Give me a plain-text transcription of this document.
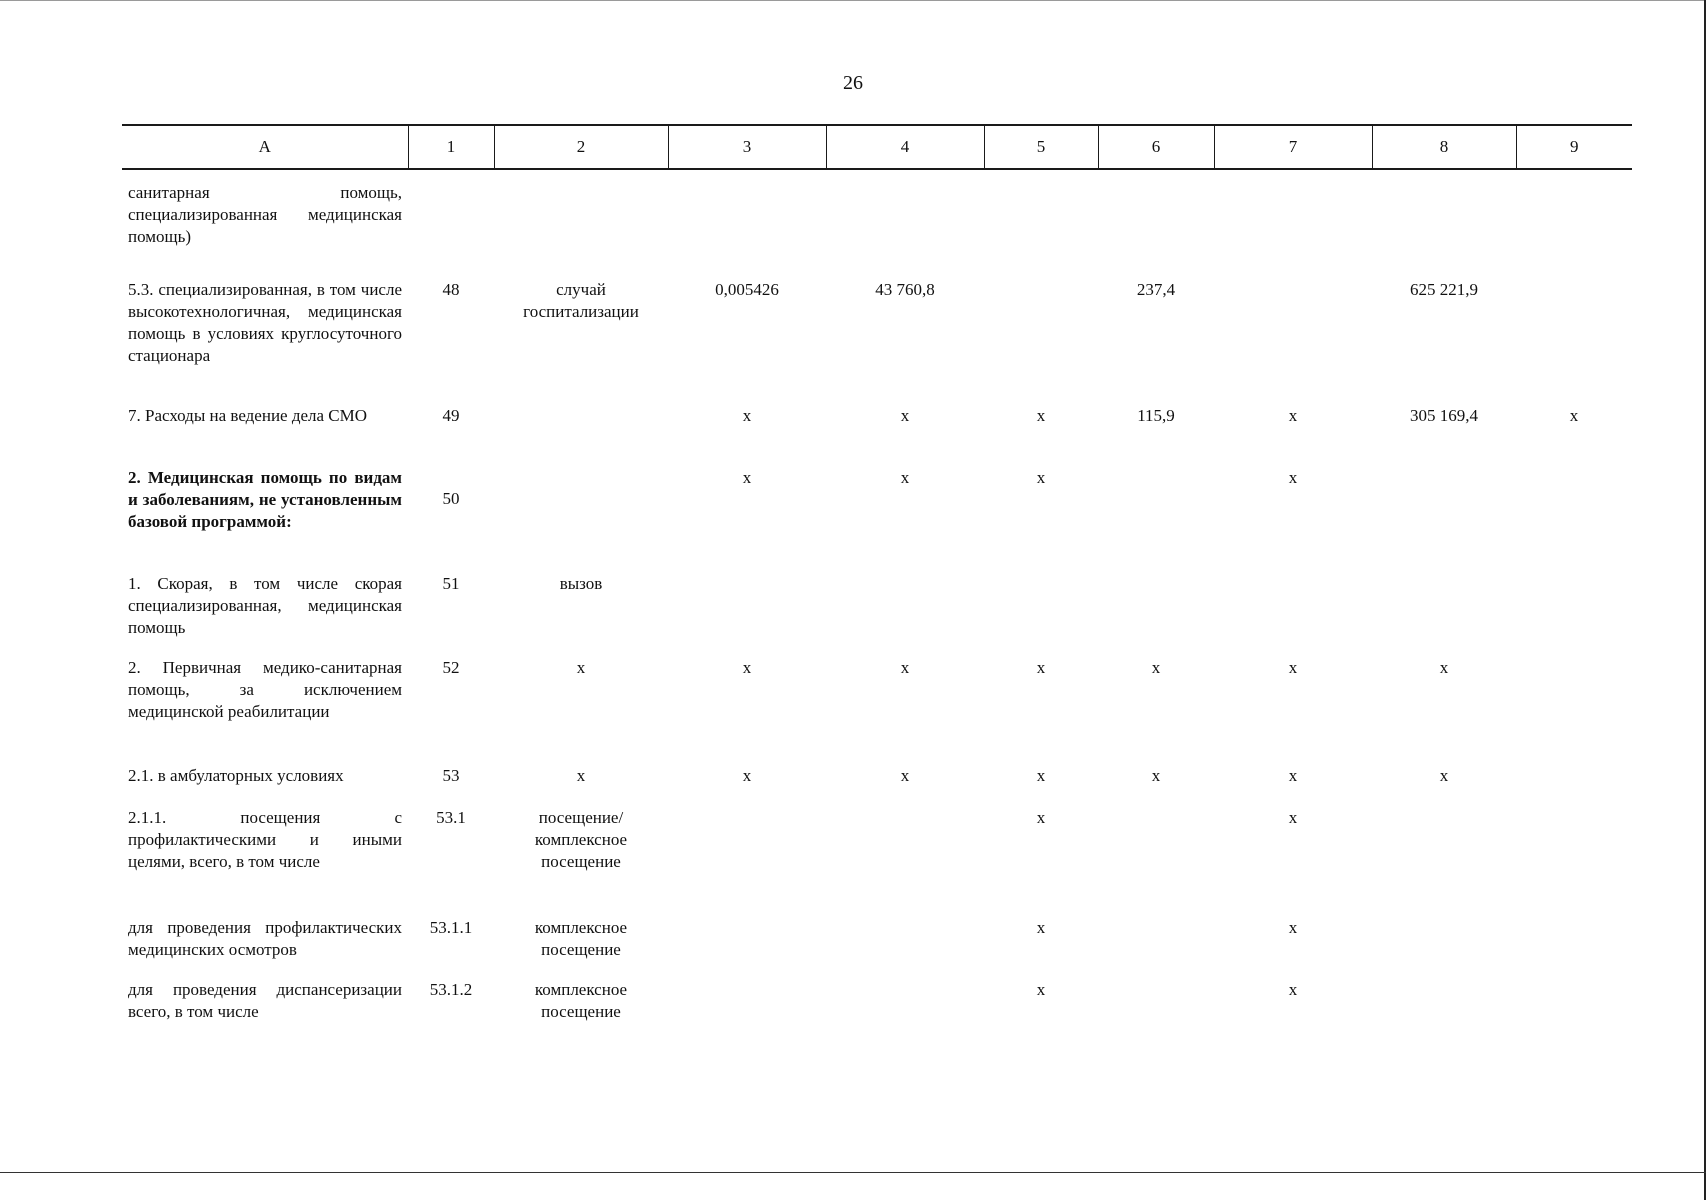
26
А	1	2	3	4	5	6	7	8	9
санитарная помощь, специализированная медицинская помощь)									
5.3. специализированная, в том числе высокотехнологичная, медицинская помощь в условиях круглосуточного стационара	48	случай госпитализации	0,005426	43 760,8		237,4		625 221,9	
7. Расходы на ведение дела СМО	49		х	х	х	115,9	х	305 169,4	х
2. Медицинская помощь по видам и заболеваниям, не установленным базовой программой:	50		х	х	х		х		
1. Скорая, в том числе скорая специализированная, медицинская помощь	51	вызов							
2. Первичная медико-санитарная помощь, за исключением медицинской реабилитации	52	х	х	х	х	х	х	х	
2.1. в амбулаторных условиях	53	х	х	х	х	х	х	х	
2.1.1. посещения с профилактическими и иными целями, всего, в том числе	53.1	посещение/комплексное посещение			х		х		
для проведения профилактических медицинских осмотров	53.1.1	комплексное посещение			х		х		
для проведения диспансеризации всего, в том числе	53.1.2	комплексное посещение			х		х		
